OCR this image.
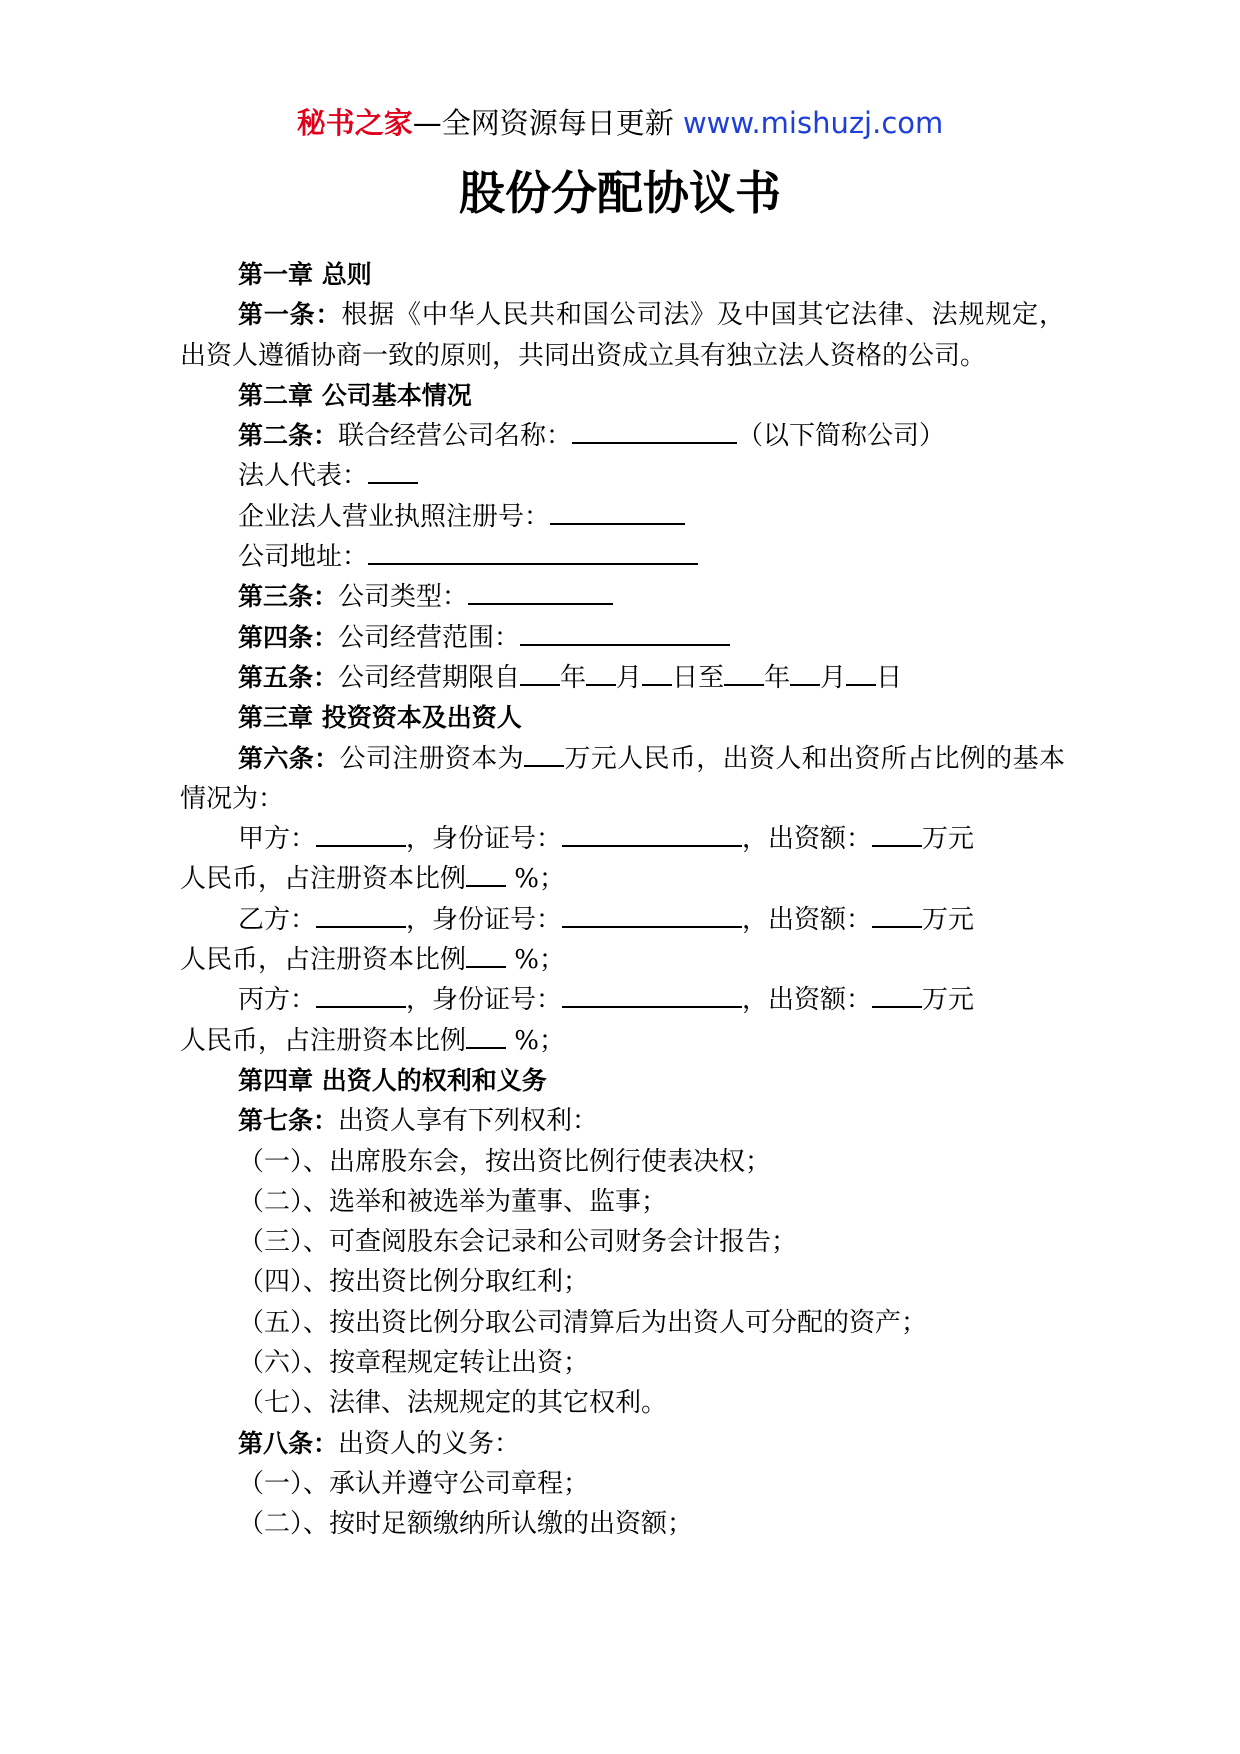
秘书之家—全网资源每日更新 www.mishuzj.com
股份分配协议书

第一章 总则

第一条：根据《中华人民共和国公司法》及中国其它法律、法规规定，出资人遵循协商一致的原则，共同出资成立具有独立法人资格的公司。

第二章 公司基本情况

第二条：联合经营公司名称：	（以下简称公司）

法人代表：

企业法人营业执照注册号：

公司地址：

第三条：公司类型：

第四条：公司经营范围：

第五条：公司经营期限自 年 月 日至 年 月 日

第三章 投资资本及出资人

第六条：公司注册资本为 万元人民币，出资人和出资所占比例的基本情况为：

甲方：	，身份证号：	，出资额： 万元

人民币，占注册资本比例 %；

乙方：	，身份证号：	，出资额： 万元

人民币，占注册资本比例 %；

丙方：	，身份证号：	，出资额： 万元

人民币，占注册资本比例 %；

第四章 出资人的权利和义务

第七条：出资人享有下列权利：

（一）、出席股东会，按出资比例行使表决权；

（二）、选举和被选举为董事、监事；

（三）、可查阅股东会记录和公司财务会计报告；

（四）、按出资比例分取红利；

（五）、按出资比例分取公司清算后为出资人可分配的资产；

（六）、按章程规定转让出资；

（七）、法律、法规规定的其它权利。

第八条：出资人的义务：

（一）、承认并遵守公司章程；

（二）、按时足额缴纳所认缴的出资额；
